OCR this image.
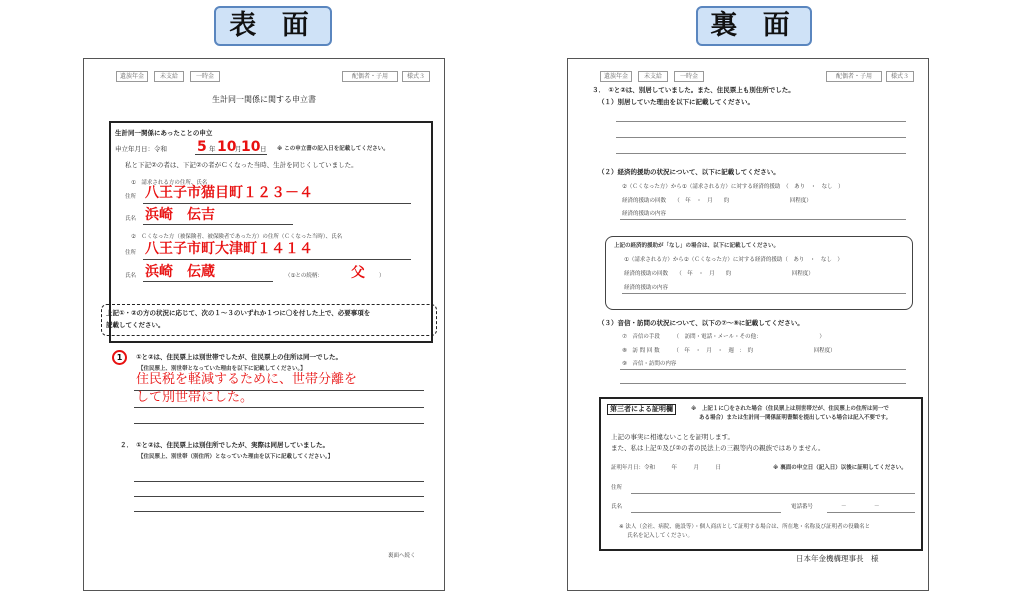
表 面	裏 面
遺族年金	未支給	一時金	配偶者・子用	様式３
生計同一関係に関する申立書
生計同一関係にあったことの申立
申立年月日：令和 5 年 10
月 10 日 ※ この申立書の記入日を記載してください。
私と下記②の者は、下記②の者がＣくなった当時、生計を同じくしていました。
①　請求される方の住所、氏名
住所 八王子市猫目町１２３－４
氏名 浜崎　伝吉
②　Ｃくなった方（被保険者、被保険者であった方）の住所（Ｃくなった当時）、氏名
住所 八王子市町大津町１４１４
氏名 浜崎　伝蔵	（①との続柄： 父	）
上記①・②の方の状況に応じて、次の１～３のいずれか１つに〇を付した上で、必要事項を
記載してください。
1	①と②は、住民票上は別世帯でしたが、住民票上の住所は同一でした。
【住民票上、別世帯となっていた理由を以下に記載してください。】
住民税を軽減するために、世帯分離を
して別世帯にした。
２． ①と②は、住民票上は別住所でしたが、実際は同居していました。
【住民票上、別世帯（別住所）となっていた理由を以下に記載してください。】
裏面へ続く
遺族年金	未支給	一時金	配偶者・子用	様式３
３．　①と②は、別居していました。また、住民票上も別住所でした。
（１）別居していた理由を以下に記載してください。
（２）経済的援助の状況について、以下に記載してください。
②（Ｃくなった方）から①（請求される方）に対する経済的援助　（　あり　・　なし　）
経済的援助の回数　　（　年　・　月　　約　　　　　　　　　　　回程度）
経済的援助の内容
上記の経済的援助が「なし」の場合は、以下に記載してください。
①（請求される方）から②（Ｃくなった方）に対する経済的援助（　あり　・　なし　）
経済的援助の回数　　（　年　・　月　　約　　　　　　　　　　　回程度）
経済的援助の内容
（３）音信・訪問の状況について、以下の⑦～⑨に記載してください。
⑦　音信の手段　　　（　訪問・電話・メール・その他：　　　　　　　　　　　）
⑧　訪 問 回 数　　　（　年　・　月　・　週　：　約　　　　　　　　　　　回程度）
⑨　音信・訪問の内容
第三者による証明欄	※　上記１に〇をされた場合（住民票上は別世帯だが、住民票上の住所は同一で
ある場合）または生計同一関係証明書類を提出している場合は記入不要です。
上記の事実に相違ないことを証明します。
また、私は上記①及び②の者の民法上の三親等内の親族ではありません。
証明年月日：令和　　　年　　　月　　　日	※ 裏面の申立日（記入日）以後に証明してください。
住所
氏名	電話番号	－　　　　　－
※ 法人（会社、病院、施設等）・個人商店として証明する場合は、所在地・名称及び証明者の役職名と
氏名を記入してください。
日本年金機構理事長　様
